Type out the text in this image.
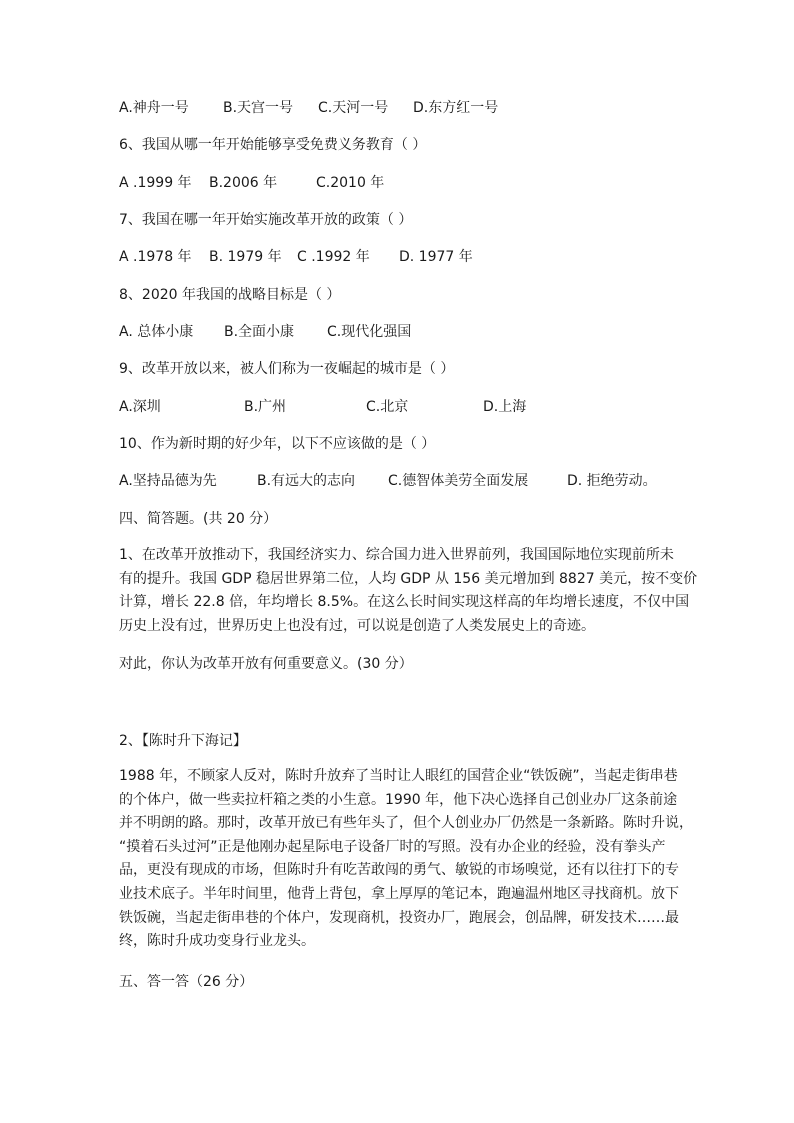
A.神舟一号 B.天宫一号 C.天河一号 D.东方红一号
6、我国从哪一年开始能够享受免费义务教育（ ）
A .1999 年 B.2006 年	C.2010 年
7、我国在哪一年开始实施改革开放的政策（ ）
A .1978 年 B. 1979 年 C .1992 年 D. 1977 年
8、2020 年我国的战略目标是（ ）
A. 总体小康 B.全面小康 C.现代化强国
9、改革开放以来，被人们称为一夜崛起的城市是（ ）
A.深圳	B.广州	C.北京	D.上海
10、作为新时期的好少年，以下不应该做的是（ ）
A.坚持品德为先	B.有远大的志向 C.德智体美劳全面发展	D. 拒绝劳动。
四、简答题。(共 20 分）
1、在改革开放推动下，我国经济实力、综合国力进入世界前列，我国国际地位实现前所未
有的提升。我国 GDP 稳居世界第二位，人均 GDP 从 156 美元增加到 8827 美元，按不变价
计算，增长 22.8 倍，年均增长 8.5%。在这么长时间实现这样高的年均增长速度，不仅中国
历史上没有过，世界历史上也没有过，可以说是创造了人类发展史上的奇迹。
对此，你认为改革开放有何重要意义。(30 分）
2、【陈时升下海记】
1988 年，不顾家人反对，陈时升放弃了当时让人眼红的国营企业“铁饭碗”，当起走街串巷
的个体户，做一些卖拉杆箱之类的小生意。1990 年，他下决心选择自己创业办厂这条前途
并不明朗的路。那时，改革开放已有些年头了，但个人创业办厂仍然是一条新路。陈时升说，
“摸着石头过河”正是他刚办起星际电子设备厂时的写照。没有办企业的经验，没有拳头产
品，更没有现成的市场，但陈时升有吃苦敢闯的勇气、敏锐的市场嗅觉，还有以往打下的专
业技术底子。半年时间里，他背上背包，拿上厚厚的笔记本，跑遍温州地区寻找商机。放下
铁饭碗，当起走街串巷的个体户，发现商机，投资办厂，跑展会，创品牌，研发技术……最
终，陈时升成功变身行业龙头。
五、答一答（26 分）
